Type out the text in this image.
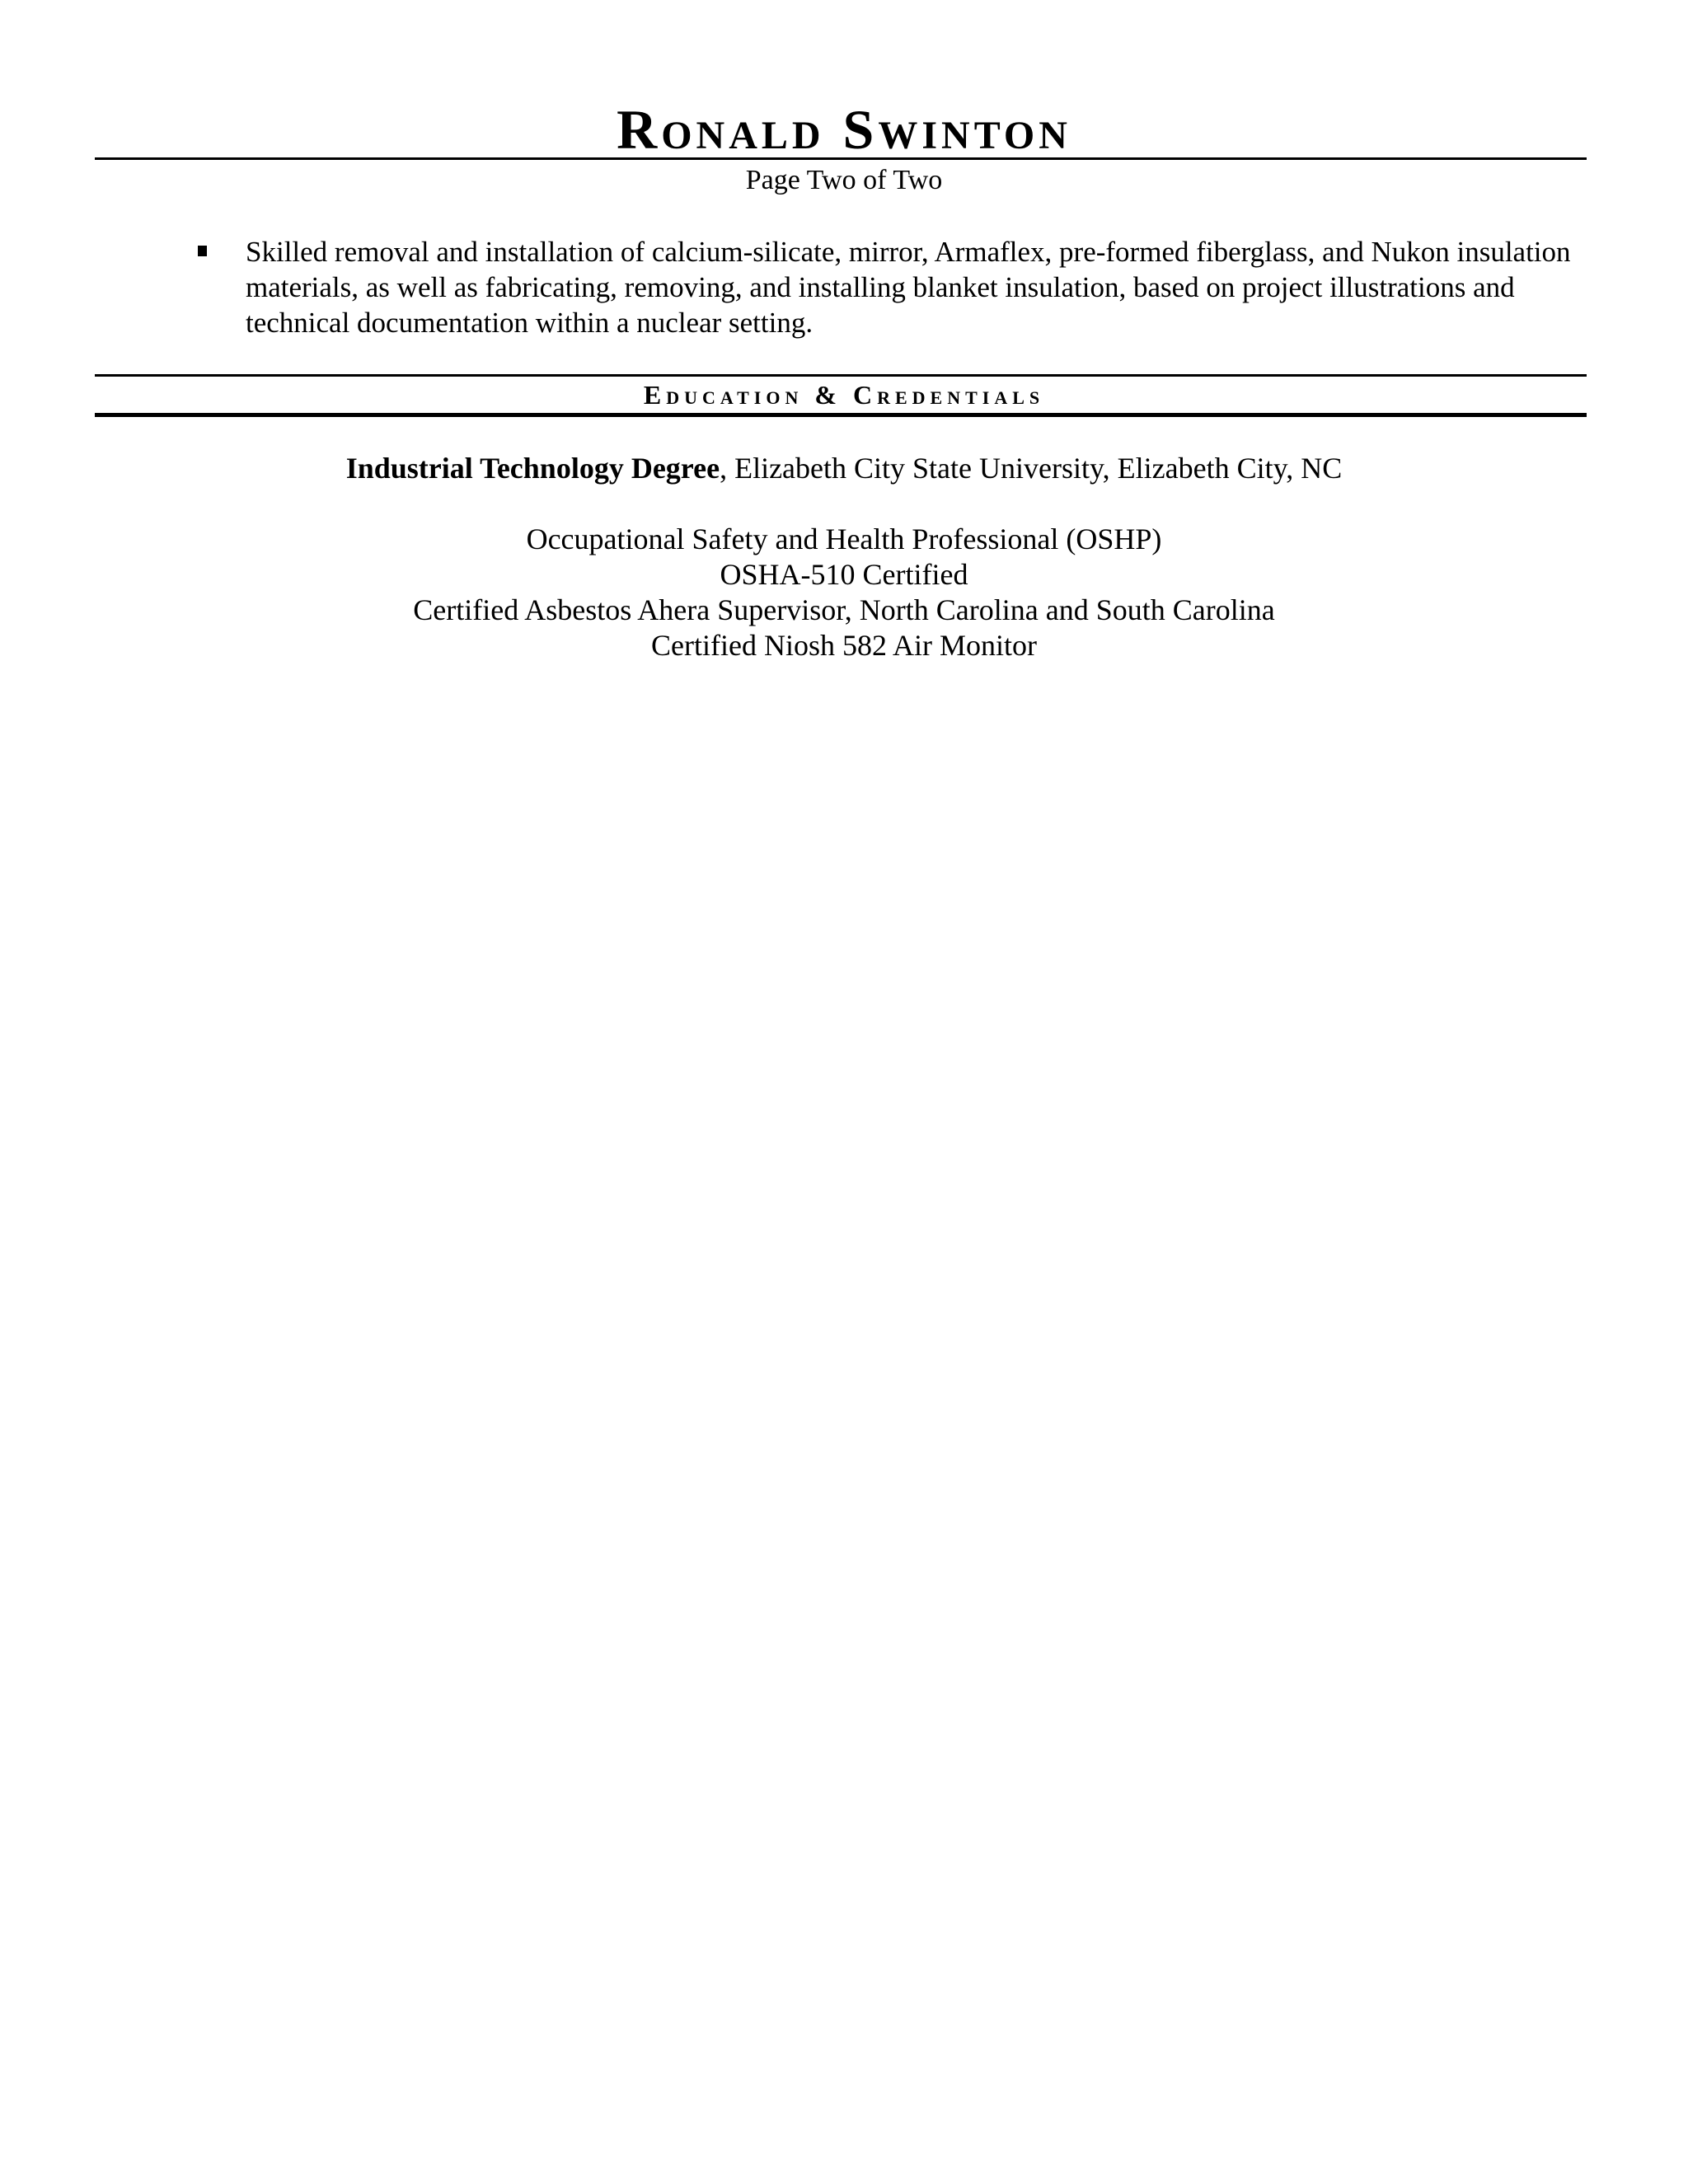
Ronald Swinton
Page Two of Two
Skilled removal and installation of calcium-silicate, mirror, Armaflex, pre-formed fiberglass, and Nukon insulation materials, as well as fabricating, removing, and installing blanket insulation, based on project illustrations and technical documentation within a nuclear setting.
Education & Credentials
Industrial Technology Degree, Elizabeth City State University, Elizabeth City, NC
Occupational Safety and Health Professional (OSHP)
OSHA-510 Certified
Certified Asbestos Ahera Supervisor, North Carolina and South Carolina
Certified Niosh 582 Air Monitor
